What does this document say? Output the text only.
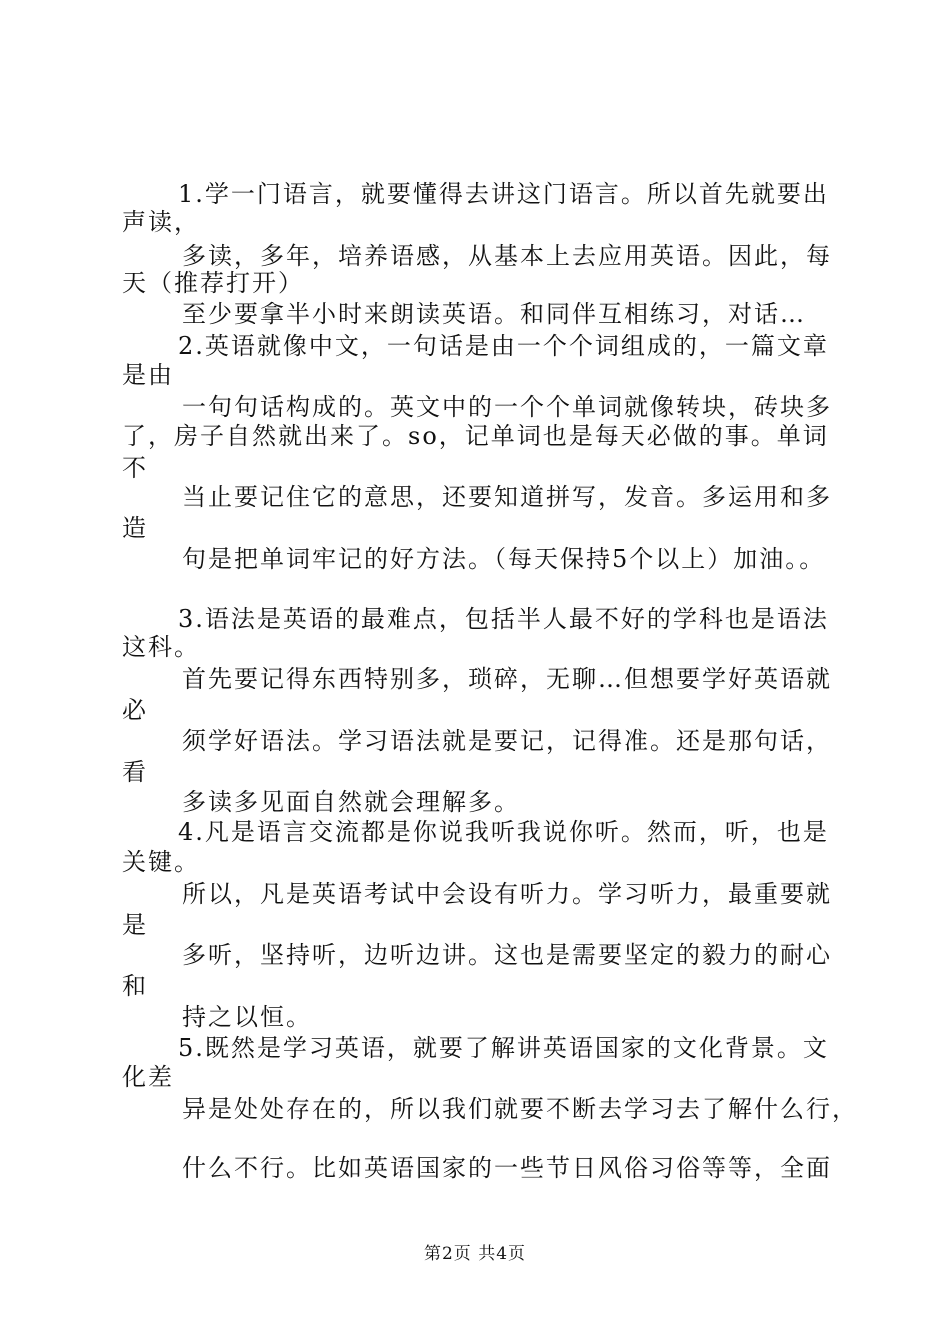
1.学一门语言，就要懂得去讲这门语言。所以首先就要出
声读，
多读，多年，培养语感，从基本上去应用英语。因此，每
天（推荐打开）
至少要拿半小时来朗读英语。和同伴互相练习，对话…
2.英语就像中文，一句话是由一个个词组成的，一篇文章
是由
一句句话构成的。英文中的一个个单词就像转块，砖块多
了，房子自然就出来了。so，记单词也是每天必做的事。单词
不
当止要记住它的意思，还要知道拼写，发音。多运用和多
造
句是把单词牢记的好方法。（每天保持5个以上）加油。。
3.语法是英语的最难点，包括半人最不好的学科也是语法
这科。
首先要记得东西特别多，琐碎，无聊…但想要学好英语就
必
须学好语法。学习语法就是要记，记得准。还是那句话，
看
多读多见面自然就会理解多。
4.凡是语言交流都是你说我听我说你听。然而，听，也是
关键。
所以，凡是英语考试中会设有听力。学习听力，最重要就
是
多听，坚持听，边听边讲。这也是需要坚定的毅力的耐心
和
持之以恒。
5.既然是学习英语，就要了解讲英语国家的文化背景。文
化差
异是处处存在的，所以我们就要不断去学习去了解什么行，
什么不行。比如英语国家的一些节日风俗习俗等等，全面
第2页 共4页
